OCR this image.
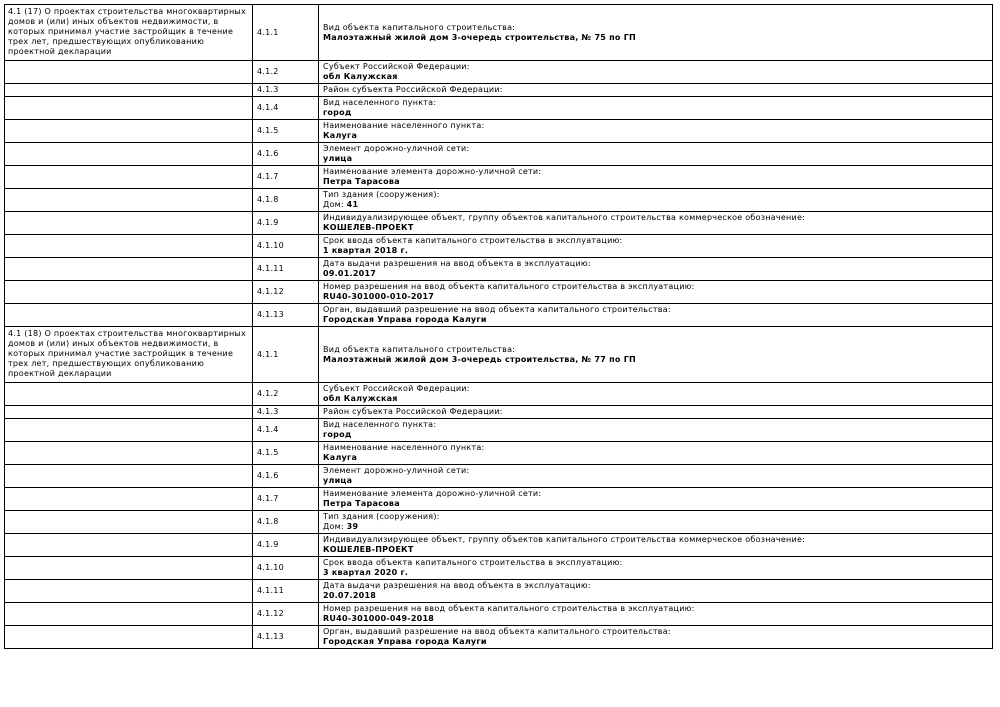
4.1 (17) О проектах строительства многоквартирных домов и (или) иных объектов недвижимости, в которых принимал участие застройщик в течение трех лет, предшествующих опубликованию проектной декларации	4.1.1	Вид объекта капитального строительства:
Малоэтажный жилой дом 3-очередь строительства, № 75 по ГП

	4.1.2	Субъект Российской Федерации:
обл Калужская

	4.1.3	Район субъекта Российской Федерации:

	4.1.4	Вид населенного пункта:
город

	4.1.5	Наименование населенного пункта:
Калуга

	4.1.6	Элемент дорожно-уличной сети:
улица

	4.1.7	Наименование элемента дорожно-уличной сети:
Петра Тарасова

	4.1.8	Тип здания (сооружения):
Дом: 41

	4.1.9	Индивидуализирующее объект, группу объектов капитального строительства коммерческое обозначение:
КОШЕЛЕВ-ПРОЕКТ

	4.1.10	Срок ввода объекта капитального строительства в эксплуатацию:
1 квартал 2018 г.

	4.1.11	Дата выдачи разрешения на ввод объекта в эксплуатацию:
09.01.2017

	4.1.12	Номер разрешения на ввод объекта капитального строительства в эксплуатацию:
RU40-301000-010-2017

	4.1.13	Орган, выдавший разрешение на ввод объекта капитального строительства:
Городская Управа города Калуги

4.1 (18) О проектах строительства многоквартирных домов и (или) иных объектов недвижимости, в которых принимал участие застройщик в течение трех лет, предшествующих опубликованию проектной декларации	4.1.1	Вид объекта капитального строительства:
Малоэтажный жилой дом 3-очередь строительства, № 77 по ГП

	4.1.2	Субъект Российской Федерации:
обл Калужская

	4.1.3	Район субъекта Российской Федерации:

	4.1.4	Вид населенного пункта:
город

	4.1.5	Наименование населенного пункта:
Калуга

	4.1.6	Элемент дорожно-уличной сети:
улица

	4.1.7	Наименование элемента дорожно-уличной сети:
Петра Тарасова

	4.1.8	Тип здания (сооружения):
Дом: 39

	4.1.9	Индивидуализирующее объект, группу объектов капитального строительства коммерческое обозначение:
КОШЕЛЕВ-ПРОЕКТ

	4.1.10	Срок ввода объекта капитального строительства в эксплуатацию:
3 квартал 2020 г.

	4.1.11	Дата выдачи разрешения на ввод объекта в эксплуатацию:
20.07.2018

	4.1.12	Номер разрешения на ввод объекта капитального строительства в эксплуатацию:
RU40-301000-049-2018

	4.1.13	Орган, выдавший разрешение на ввод объекта капитального строительства:
Городская Управа города Калуги
